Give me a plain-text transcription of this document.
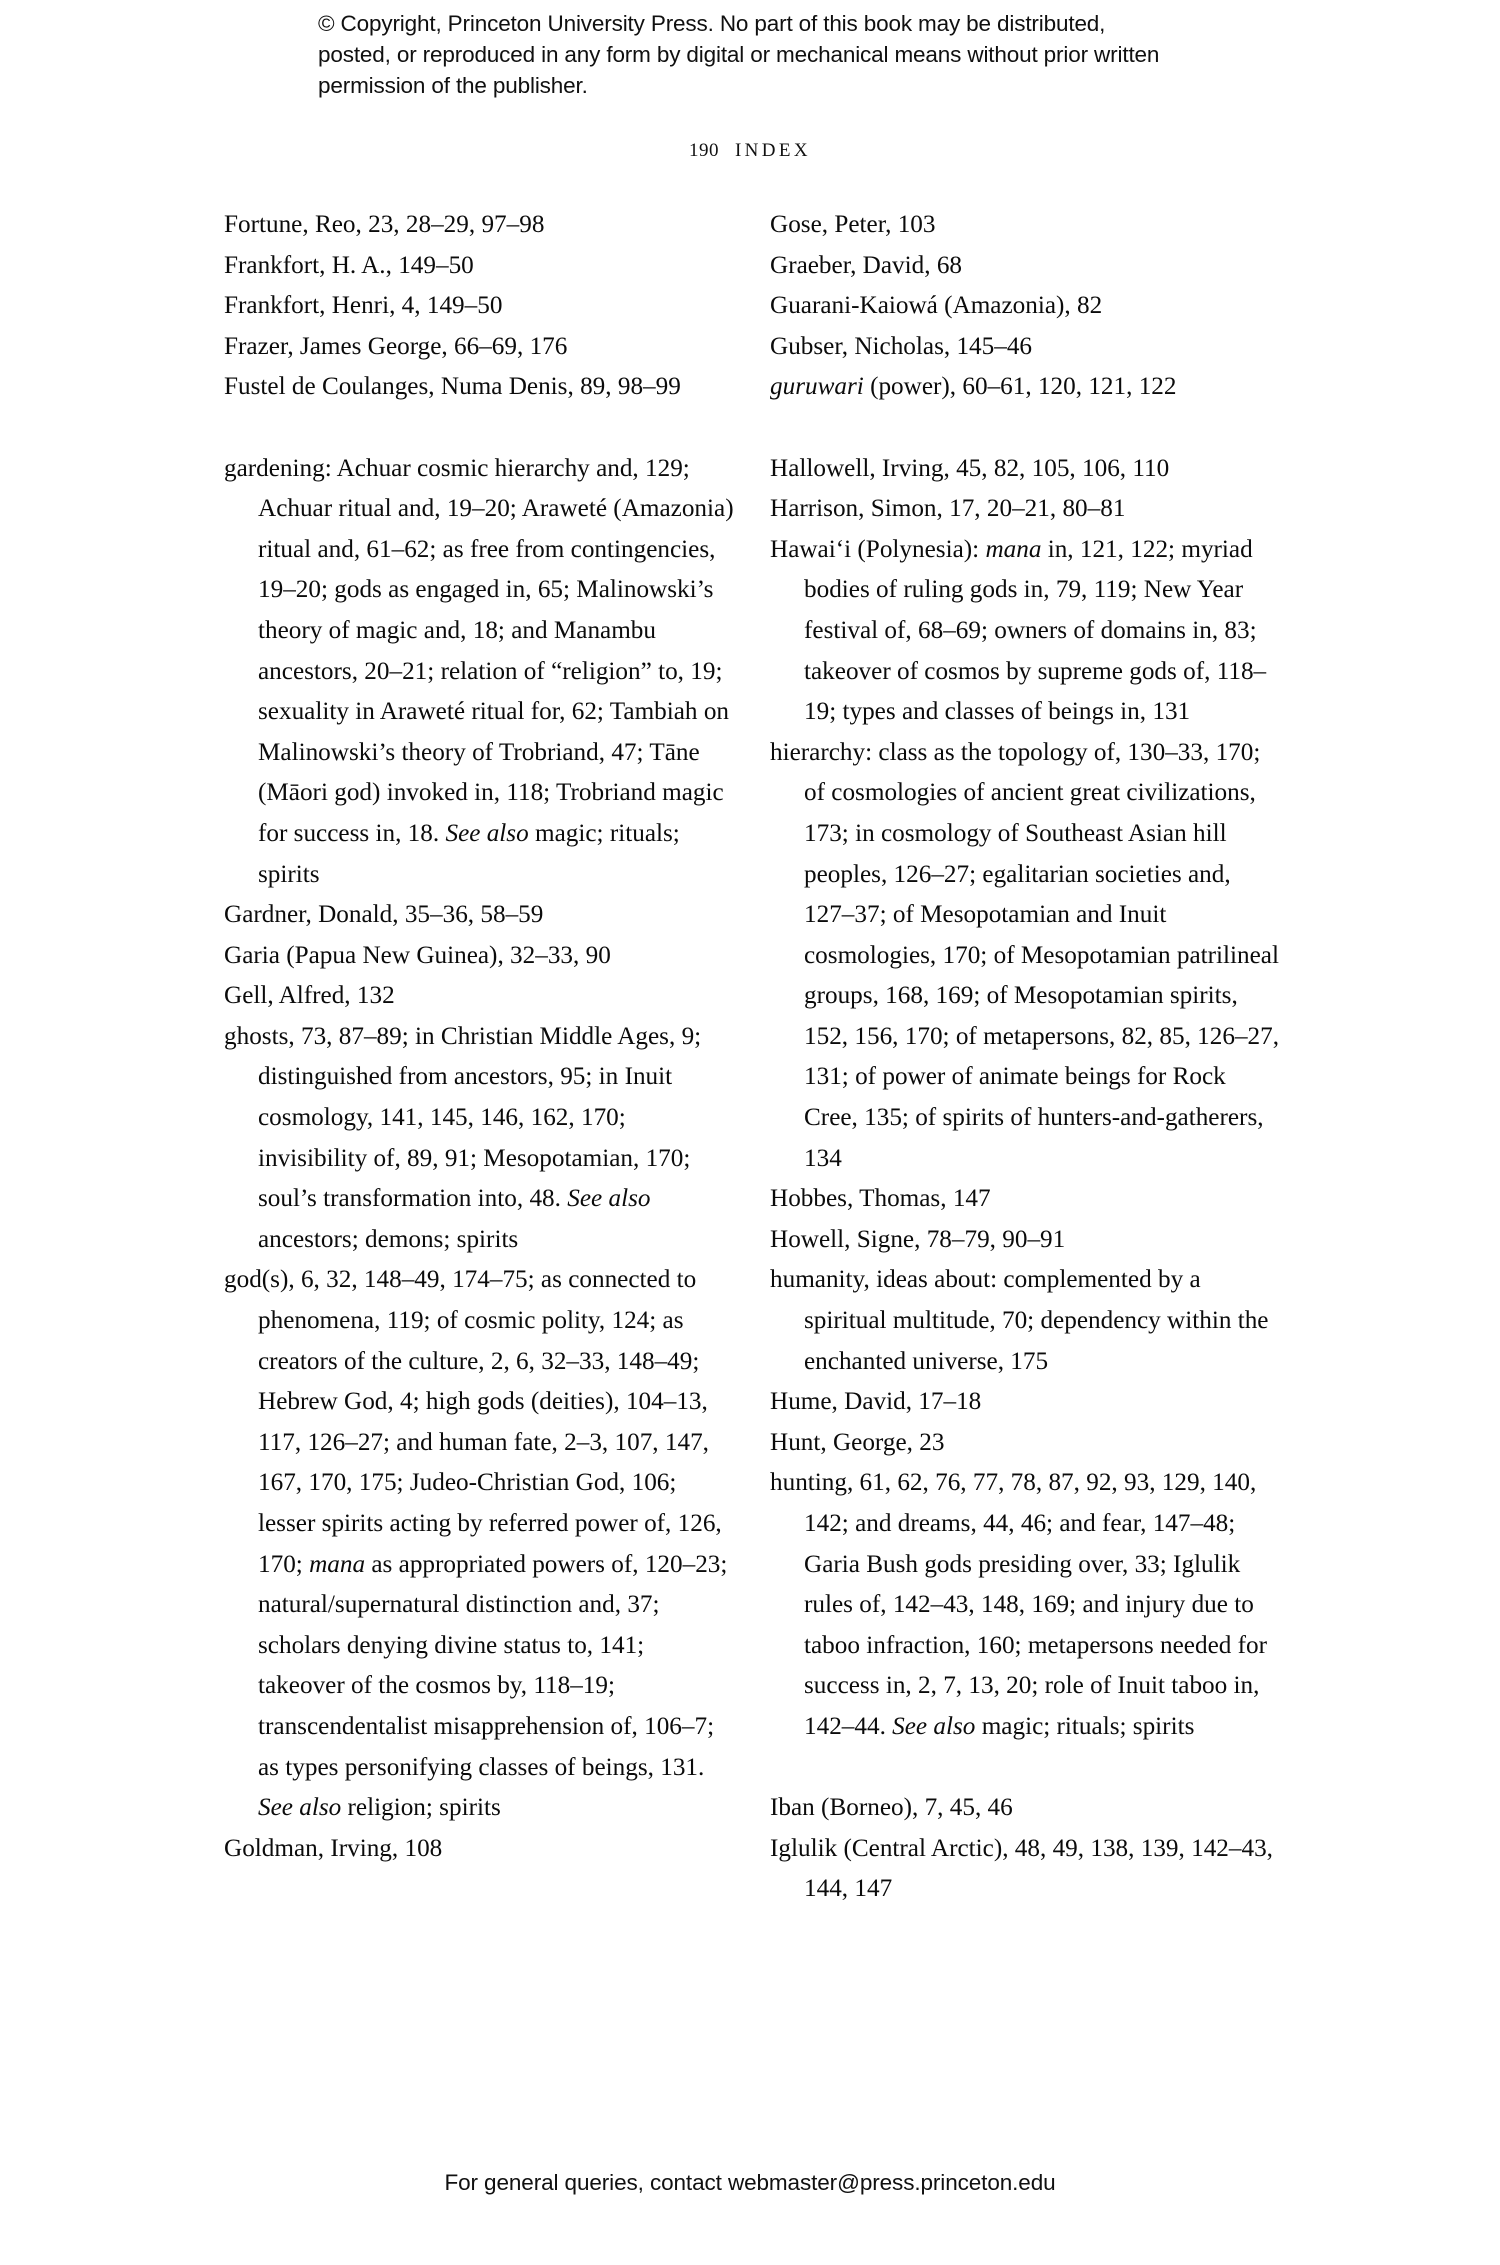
© Copyright, Princeton University Press. No part of this book may be distributed, posted, or reproduced in any form by digital or mechanical means without prior written permission of the publisher.
190 INDEX

Fortune, Reo, 23, 28–29, 97–98

Frankfort, H. A., 149–50

Frankfort, Henri, 4, 149–50

Frazer, James George, 66–69, 176

Fustel de Coulanges, Numa Denis, 89, 98–99

gardening: Achuar cosmic hierarchy and, 129; Achuar ritual and, 19–20; Araweté (Amazonia) ritual and, 61–62; as free from contingencies, 19–20; gods as engaged in, 65; Malinowski’s theory of magic and, 18; and Manambu ancestors, 20–21; relation of “religion” to, 19; sexuality in Araweté ritual for, 62; Tambiah on Malinowski’s theory of Trobriand, 47; Tāne (Māori god) invoked in, 118; Trobriand magic for success in, 18. See also magic; rituals; spirits

Gardner, Donald, 35–36, 58–59

Garia (Papua New Guinea), 32–33, 90

Gell, Alfred, 132

ghosts, 73, 87–89; in Christian Middle Ages, 9; distinguished from ancestors, 95; in Inuit cosmology, 141, 145, 146, 162, 170; invisibility of, 89, 91; Mesopotamian, 170; soul’s transformation into, 48. See also ancestors; demons; spirits

god(s), 6, 32, 148–49, 174–75; as connected to phenomena, 119; of cosmic polity, 124; as creators of the culture, 2, 6, 32–33, 148–49; Hebrew God, 4; high gods (deities), 104–13, 117, 126–27; and human fate, 2–3, 107, 147, 167, 170, 175; Judeo-Christian God, 106; lesser spirits acting by referred power of, 126, 170; mana as appropriated powers of, 120–23; natural/supernatural distinction and, 37; scholars denying divine status to, 141; takeover of the cosmos by, 118–19; transcendentalist misapprehension of, 106–7; as types personifying classes of beings, 131. See also religion; spirits

Goldman, Irving, 108

Gose, Peter, 103

Graeber, David, 68

Guarani-Kaiowá (Amazonia), 82

Gubser, Nicholas, 145–46

guruwari (power), 60–61, 120, 121, 122

Hallowell, Irving, 45, 82, 105, 106, 110

Harrison, Simon, 17, 20–21, 80–81

Hawaiʻi (Polynesia): mana in, 121, 122; myriad bodies of ruling gods in, 79, 119; New Year festival of, 68–69; owners of domains in, 83; takeover of cosmos by supreme gods of, 118–19; types and classes of beings in, 131

hierarchy: class as the topology of, 130–33, 170; of cosmologies of ancient great civilizations, 173; in cosmology of Southeast Asian hill peoples, 126–27; egalitarian societies and, 127–37; of Mesopotamian and Inuit cosmologies, 170; of Mesopotamian patrilineal groups, 168, 169; of Mesopotamian spirits, 152, 156, 170; of metapersons, 82, 85, 126–27, 131; of power of animate beings for Rock Cree, 135; of spirits of hunters-and-gatherers, 134

Hobbes, Thomas, 147

Howell, Signe, 78–79, 90–91

humanity, ideas about: complemented by a spiritual multitude, 70; dependency within the enchanted universe, 175

Hume, David, 17–18

Hunt, George, 23

hunting, 61, 62, 76, 77, 78, 87, 92, 93, 129, 140, 142; and dreams, 44, 46; and fear, 147–48; Garia Bush gods presiding over, 33; Iglulik rules of, 142–43, 148, 169; and injury due to taboo infraction, 160; metapersons needed for success in, 2, 7, 13, 20; role of Inuit taboo in, 142–44. See also magic; rituals; spirits

Iban (Borneo), 7, 45, 46

Iglulik (Central Arctic), 48, 49, 138, 139, 142–43, 144, 147

For general queries, contact webmaster@press.princeton.edu
